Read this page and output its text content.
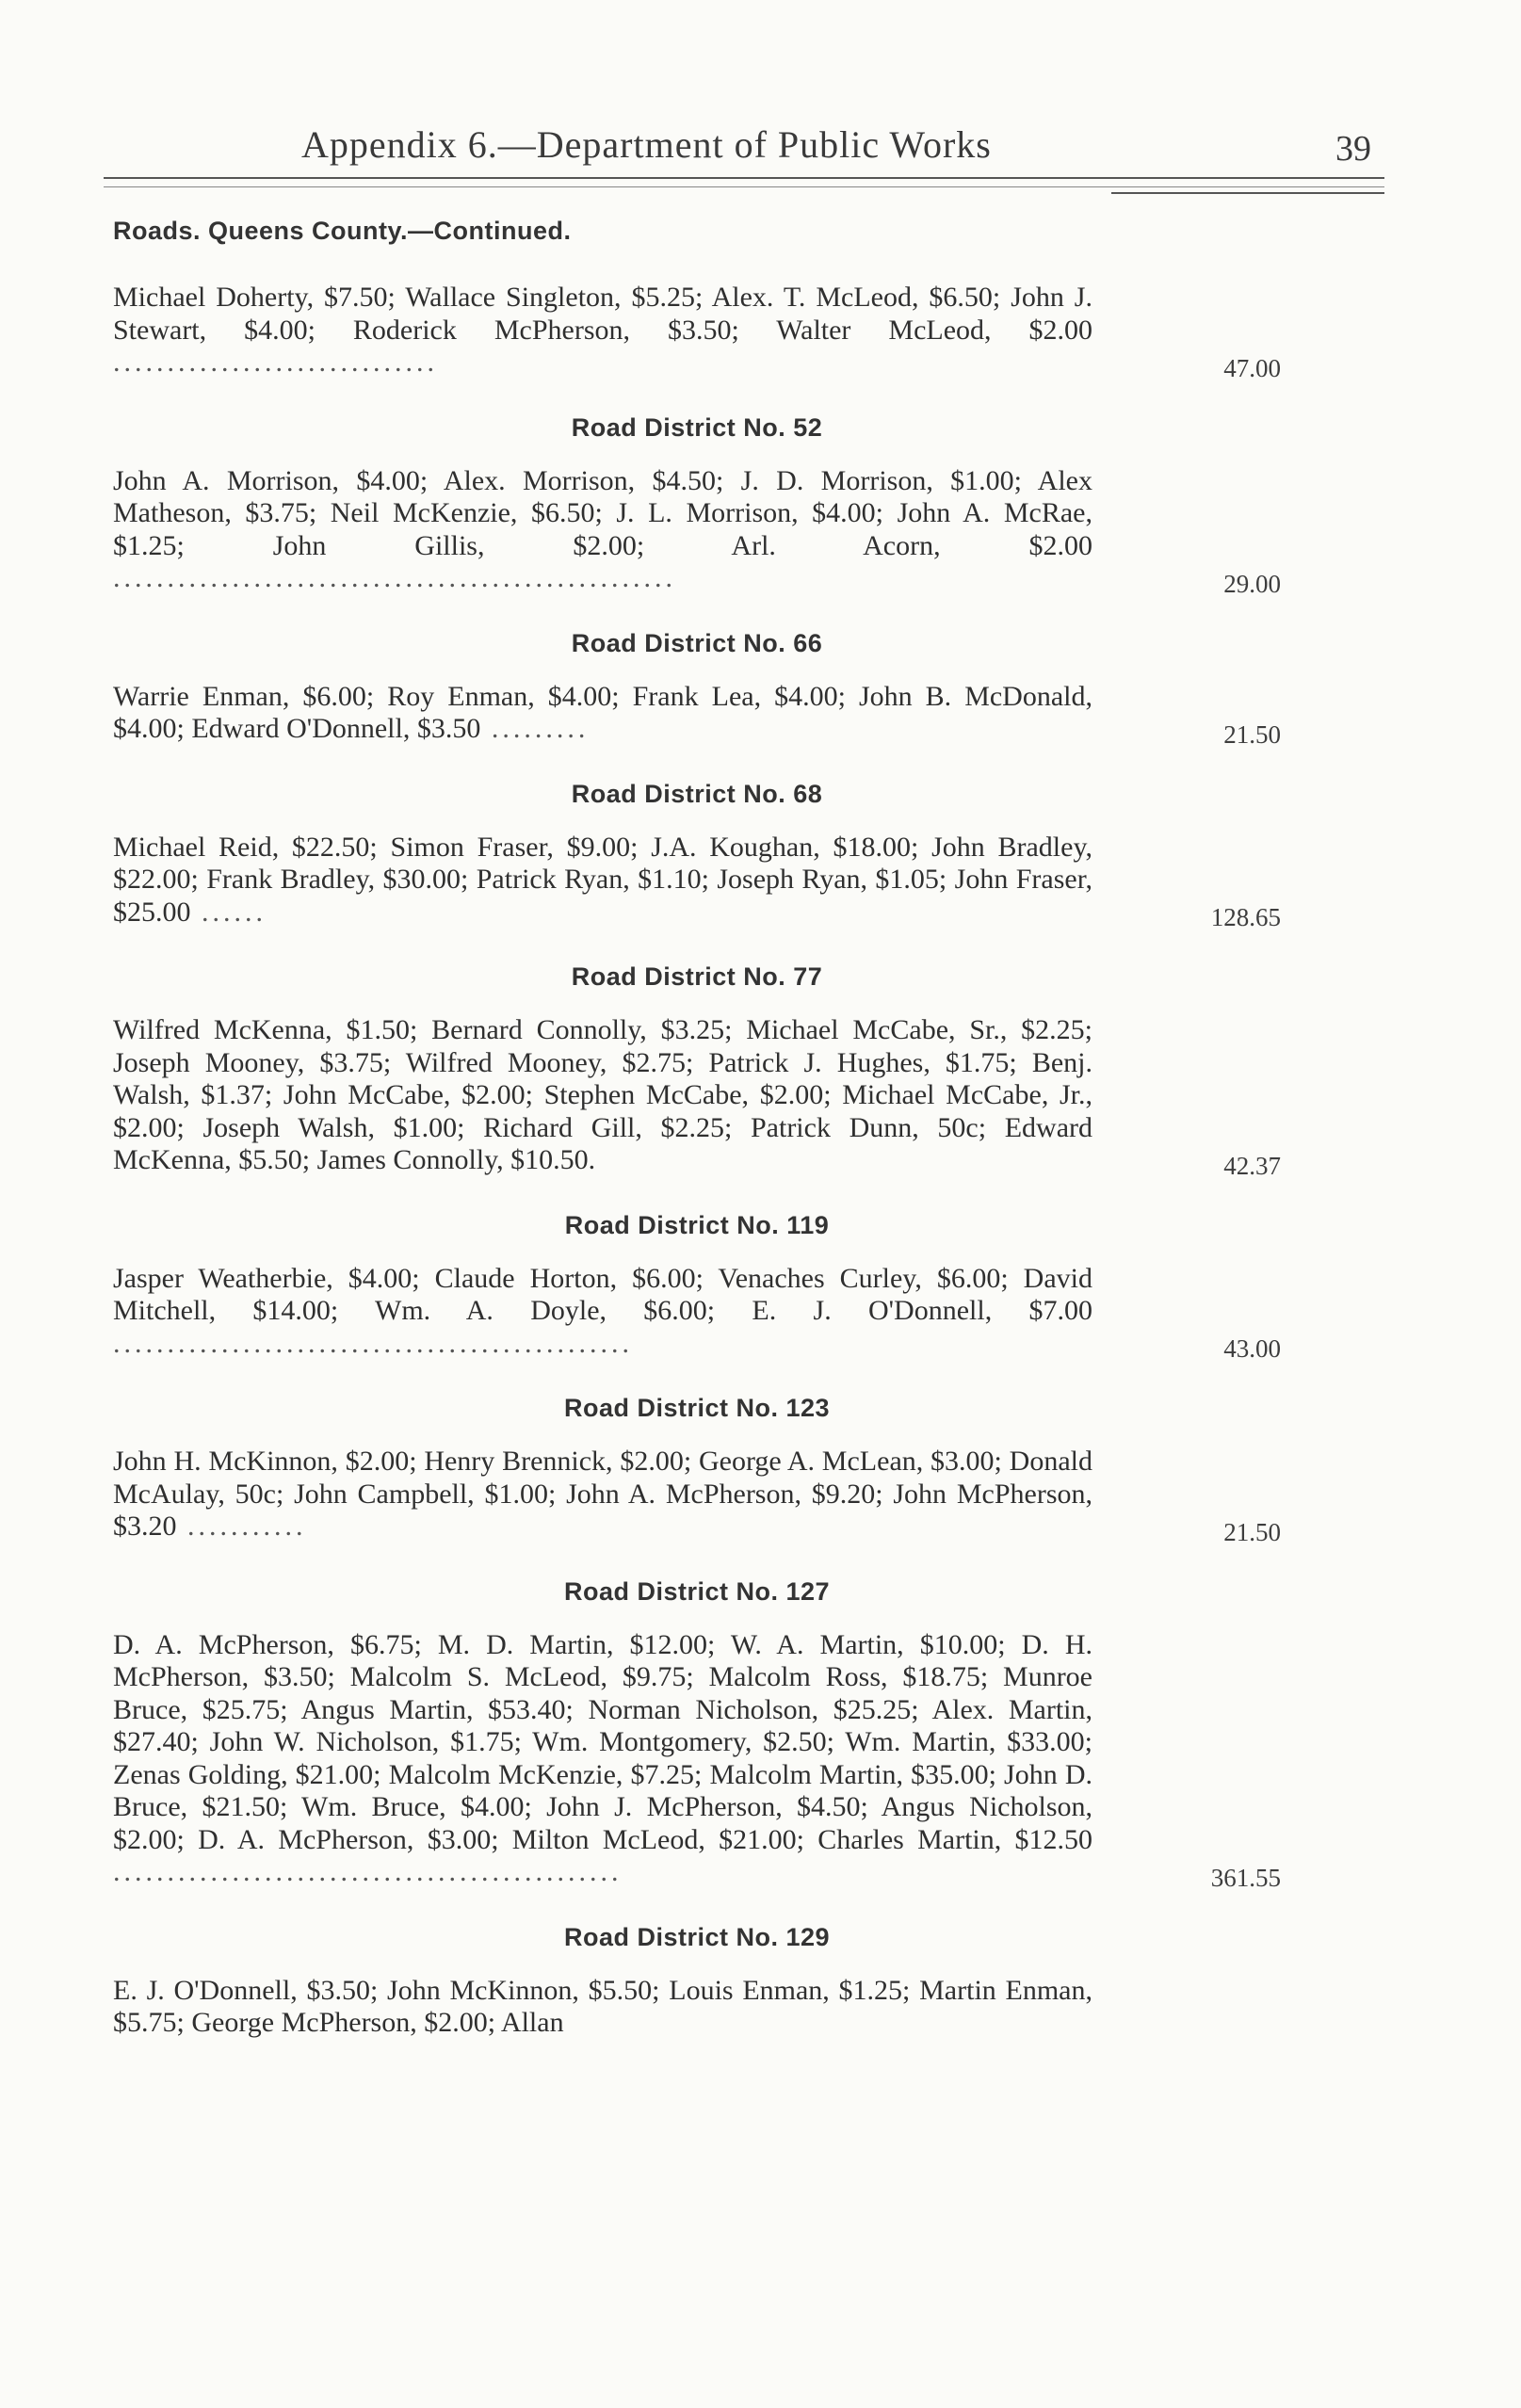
Appendix 6.—Department of Public Works	39
Roads. Queens County.—Continued.
Michael Doherty, $7.50; Wallace Singleton, $5.25; Alex. T. McLeod, $6.50; John J. Stewart, $4.00; Roderick McPherson, $3.50; Walter McLeod, $2.00 ..............................	47.00
Road District No. 52
John A. Morrison, $4.00; Alex. Morrison, $4.50; J. D. Morrison, $1.00; Alex Matheson, $3.75; Neil McKenzie, $6.50; J. L. Morrison, $4.00; John A. McRae, $1.25; John Gillis, $2.00; Arl. Acorn, $2.00 ....................................................	29.00
Road District No. 66
Warrie Enman, $6.00; Roy Enman, $4.00; Frank Lea, $4.00; John B. McDonald, $4.00; Edward O'Donnell, $3.50 .........	21.50
Road District No. 68
Michael Reid, $22.50; Simon Fraser, $9.00; J.A. Koughan, $18.00; John Bradley, $22.00; Frank Bradley, $30.00; Patrick Ryan, $1.10; Joseph Ryan, $1.05; John Fraser, $25.00 ......	128.65
Road District No. 77
Wilfred McKenna, $1.50; Bernard Connolly, $3.25; Michael McCabe, Sr., $2.25; Joseph Mooney, $3.75; Wilfred Mooney, $2.75; Patrick J. Hughes, $1.75; Benj. Walsh, $1.37; John McCabe, $2.00; Stephen McCabe, $2.00; Michael McCabe, Jr., $2.00; Joseph Walsh, $1.00; Richard Gill, $2.25; Patrick Dunn, 50c; Edward McKenna, $5.50; James Connolly, $10.50.	42.37
Road District No. 119
Jasper Weatherbie, $4.00; Claude Horton, $6.00; Venaches Curley, $6.00; David Mitchell, $14.00; Wm. A. Doyle, $6.00; E. J. O'Donnell, $7.00 ................................................	43.00
Road District No. 123
John H. McKinnon, $2.00; Henry Brennick, $2.00; George A. McLean, $3.00; Donald McAulay, 50c; John Campbell, $1.00; John A. McPherson, $9.20; John McPherson, $3.20 ...........	21.50
Road District No. 127
D. A. McPherson, $6.75; M. D. Martin, $12.00; W. A. Martin, $10.00; D. H. McPherson, $3.50; Malcolm S. McLeod, $9.75; Malcolm Ross, $18.75; Munroe Bruce, $25.75; Angus Martin, $53.40; Norman Nicholson, $25.25; Alex. Martin, $27.40; John W. Nicholson, $1.75; Wm. Montgomery, $2.50; Wm. Martin, $33.00; Zenas Golding, $21.00; Malcolm McKenzie, $7.25; Malcolm Martin, $35.00; John D. Bruce, $21.50; Wm. Bruce, $4.00; John J. McPherson, $4.50; Angus Nicholson, $2.00; D. A. McPherson, $3.00; Milton McLeod, $21.00; Charles Martin, $12.50 ...............................................	361.55
Road District No. 129
E. J. O'Donnell, $3.50; John McKinnon, $5.50; Louis Enman, $1.25; Martin Enman, $5.75; George McPherson, $2.00; Allan
